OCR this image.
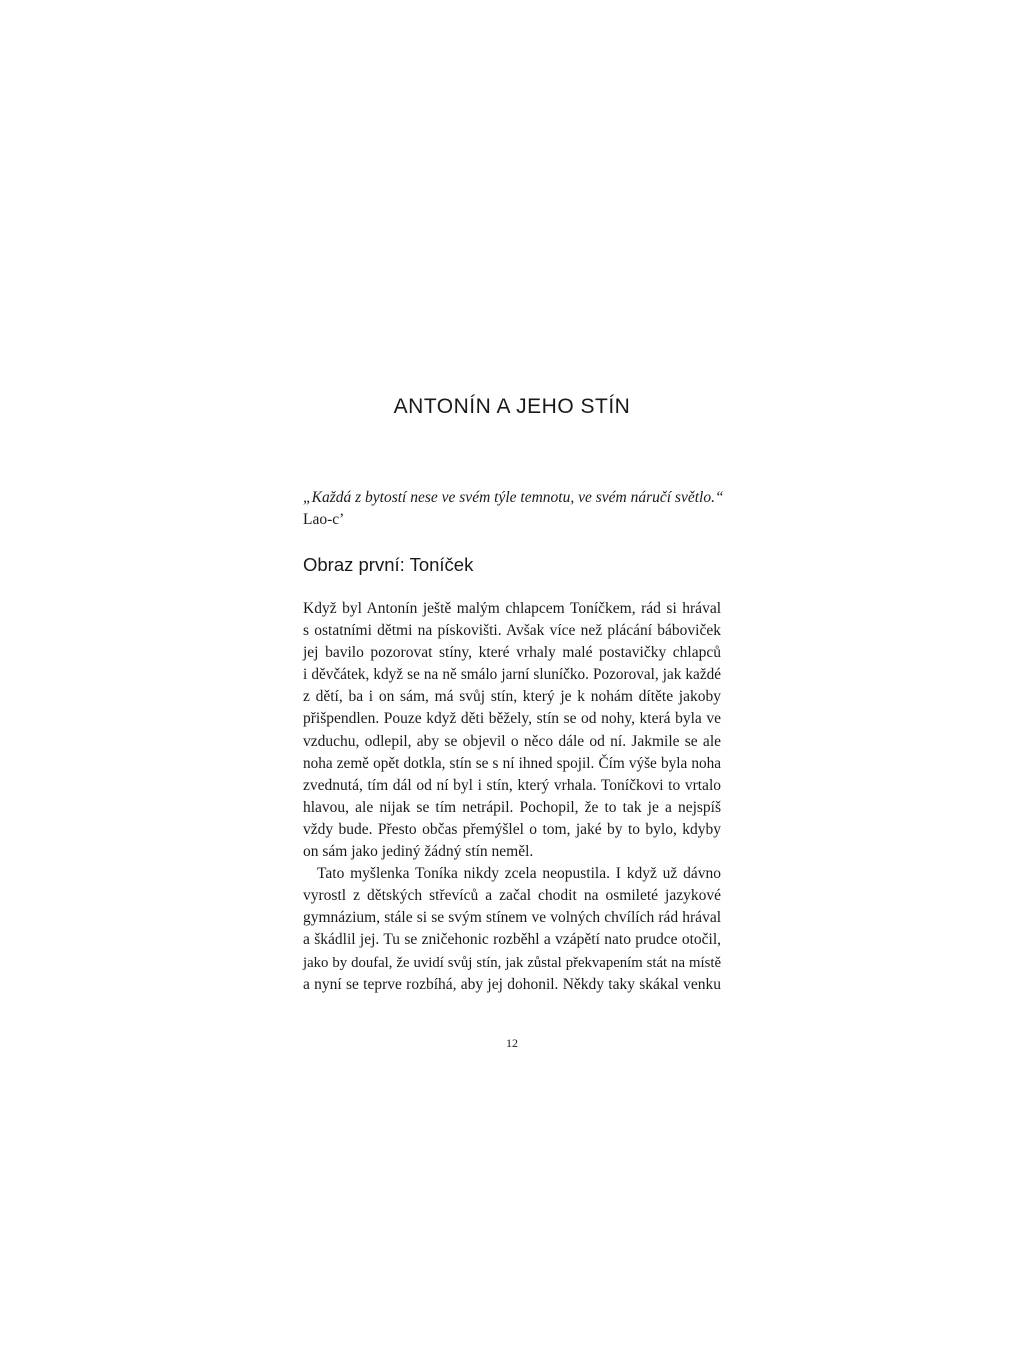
ANTONÍN A JEHO STÍN
„Každá z bytostí nese ve svém týle temnotu, ve svém náručí světlo.“
Lao-c’
Obraz první: Toníček
Když byl Antonín ještě malým chlapcem Toníčkem, rád si hrával
s ostatními dětmi na pískovišti. Avšak více než plácání báboviček
jej bavilo pozorovat stíny, které vrhaly malé postavičky chlapců
i děvčátek, když se na ně smálo jarní sluníčko. Pozoroval, jak každé
z dětí, ba i on sám, má svůj stín, který je k nohám dítěte jakoby
přišpendlen. Pouze když děti běžely, stín se od nohy, která byla ve
vzduchu, odlepil, aby se objevil o něco dále od ní. Jakmile se ale
noha země opět dotkla, stín se s ní ihned spojil. Čím výše byla noha
zvednutá, tím dál od ní byl i stín, který vrhala. Toníčkovi to vrtalo
hlavou, ale nijak se tím netrápil. Pochopil, že to tak je a nejspíš
vždy bude. Přesto občas přemýšlel o tom, jaké by to bylo, kdyby
on sám jako jediný žádný stín neměl.
Tato myšlenka Toníka nikdy zcela neopustila. I když už dávno
vyrostl z dětských střevíců a začal chodit na osmileté jazykové
gymnázium, stále si se svým stínem ve volných chvílích rád hrával
a škádlil jej. Tu se zničehonic rozběhl a vzápětí nato prudce otočil,
jako by doufal, že uvidí svůj stín, jak zůstal překvapením stát na místě
a nyní se teprve rozbíhá, aby jej dohonil. Někdy taky skákal venku
12
